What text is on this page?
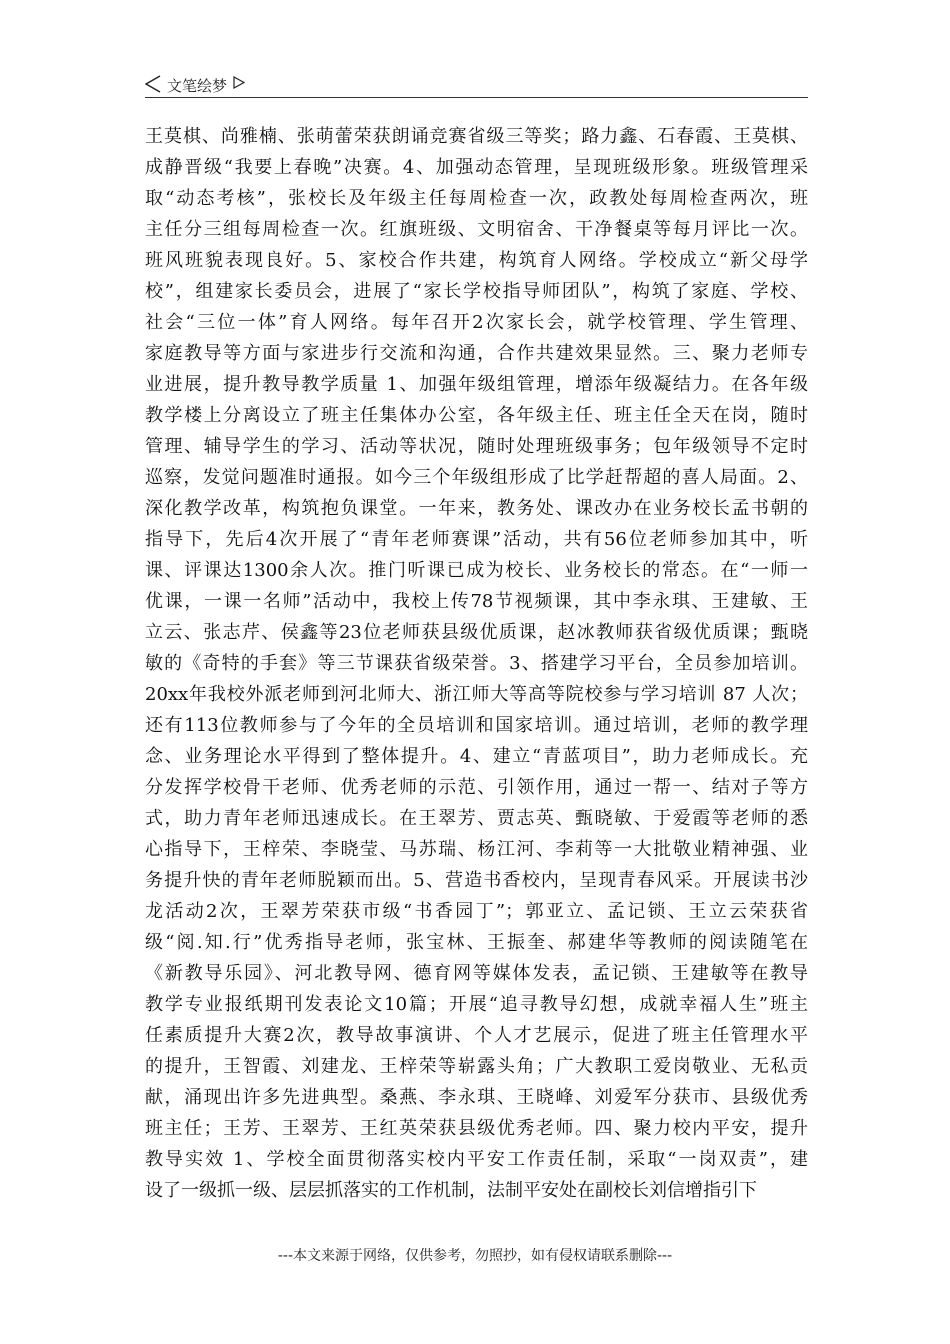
文笔绘梦
王莫棋、尚雅楠、张萌蕾荣获朗诵竞赛省级三等奖；路力鑫、石春霞、王莫棋、
成静晋级“我要上春晚”决赛。4、加强动态管理，呈现班级形象。班级管理采
取“动态考核”，张校长及年级主任每周检查一次，政教处每周检查两次，班
主任分三组每周检查一次。红旗班级、文明宿舍、干净餐桌等每月评比一次。
班风班貌表现良好。5、家校合作共建，构筑育人网络。学校成立“新父母学
校”，组建家长委员会，进展了“家长学校指导师团队”，构筑了家庭、学校、
社会“三位一体”育人网络。每年召开2次家长会，就学校管理、学生管理、
家庭教导等方面与家进步行交流和沟通，合作共建效果显然。三、聚力老师专
业进展，提升教导教学质量 1、加强年级组管理，增添年级凝结力。在各年级
教学楼上分离设立了班主任集体办公室，各年级主任、班主任全天在岗，随时
管理、辅导学生的学习、活动等状况，随时处理班级事务；包年级领导不定时
巡察，发觉问题准时通报。如今三个年级组形成了比学赶帮超的喜人局面。2、
深化教学改革，构筑抱负课堂。一年来，教务处、课改办在业务校长孟书朝的
指导下，先后4次开展了“青年老师赛课”活动，共有56位老师参加其中，听
课、评课达1300余人次。推门听课已成为校长、业务校长的常态。在“一师一
优课，一课一名师”活动中，我校上传78节视频课，其中李永琪、王建敏、王
立云、张志芹、侯鑫等23位老师获县级优质课，赵冰教师获省级优质课；甄晓
敏的《奇特的手套》等三节课获省级荣誉。3、搭建学习平台，全员参加培训。
20xx年我校外派老师到河北师大、浙江师大等高等院校参与学习培训 87 人次；
还有113位教师参与了今年的全员培训和国家培训。通过培训，老师的教学理
念、业务理论水平得到了整体提升。4、建立“青蓝项目”，助力老师成长。充
分发挥学校骨干老师、优秀老师的示范、引领作用，通过一帮一、结对子等方
式，助力青年老师迅速成长。在王翠芳、贾志英、甄晓敏、于爱霞等老师的悉
心指导下，王梓荣、李晓莹、马苏瑞、杨江河、李莉等一大批敬业精神强、业
务提升快的青年老师脱颖而出。5、营造书香校内，呈现青春风采。开展读书沙
龙活动2次，王翠芳荣获市级“书香园丁”；郭亚立、孟记锁、王立云荣获省
级“阅.知.行”优秀指导老师，张宝林、王振奎、郝建华等教师的阅读随笔在
《新教导乐园》、河北教导网、德育网等媒体发表，孟记锁、王建敏等在教导
教学专业报纸期刊发表论文10篇；开展“追寻教导幻想，成就幸福人生”班主
任素质提升大赛2次，教导故事演讲、个人才艺展示，促进了班主任管理水平
的提升，王智霞、刘建龙、王梓荣等崭露头角；广大教职工爱岗敬业、无私贡
献，涌现出许多先进典型。桑燕、李永琪、王晓峰、刘爱军分获市、县级优秀
班主任；王芳、王翠芳、王红英荣获县级优秀老师。四、聚力校内平安，提升
教导实效 1、学校全面贯彻落实校内平安工作责任制，采取“一岗双责”，建
设了一级抓一级、层层抓落实的工作机制，法制平安处在副校长刘信增指引下
---本文来源于网络，仅供参考，勿照抄，如有侵权请联系删除---
